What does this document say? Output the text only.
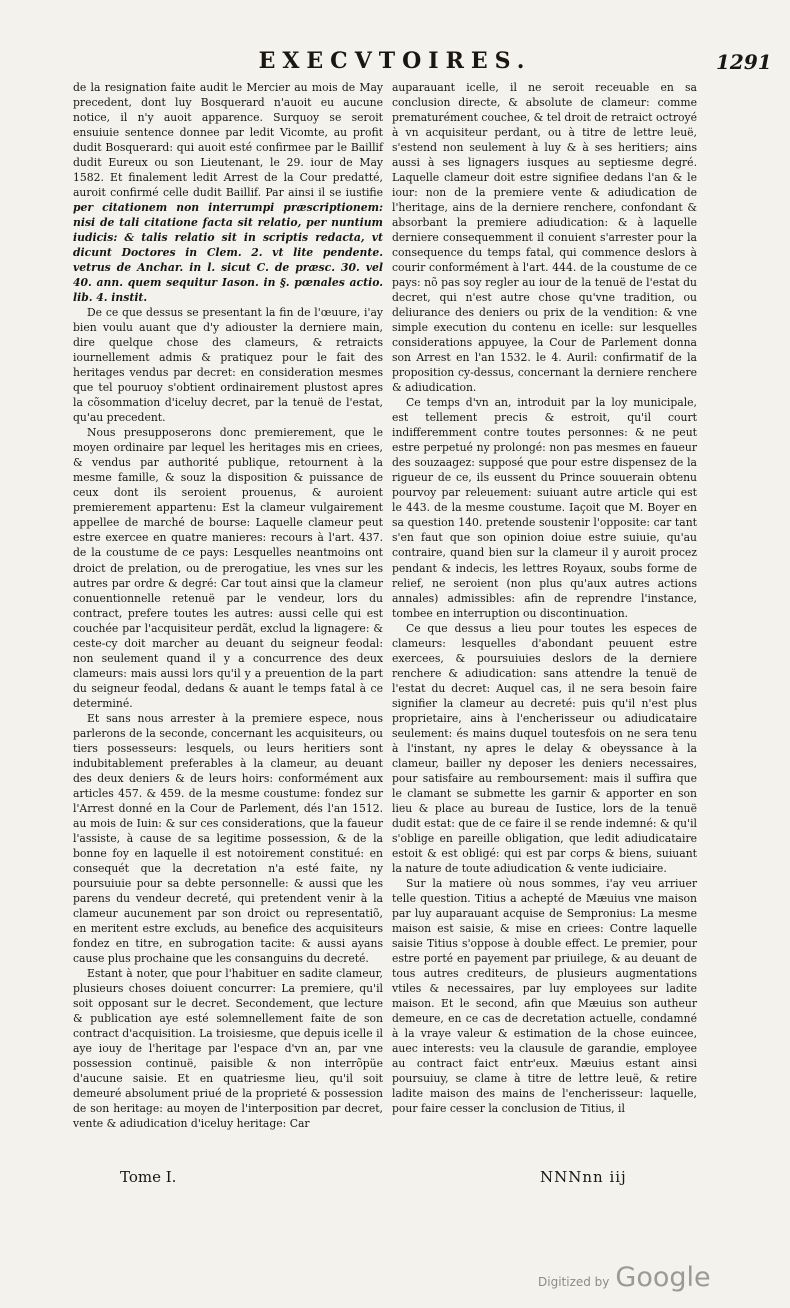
EXECVTOIRES.	1291

de la resignation faite audit le Mercier au mois de May precedent, dont luy Bosquerard n'auoit eu aucune notice, il n'y auoit apparence. Surquoy se seroit ensuiuie sentence donnee par ledit Vicomte, au profit dudit Bosquerard: qui auoit esté confirmee par le Baillif dudit Eureux ou son Lieutenant, le 29. iour de May 1582. Et finalement ledit Arrest de la Cour predatté, auroit confirmé celle dudit Baillif. Par ainsi il se iustifie per citationem non interrumpi præscriptionem: nisi de tali citatione facta sit relatio, per nuntium iudicis: & talis relatio sit in scriptis redacta, vt dicunt Doctores in Clem. 2. vt lite pendente. vetrus de Anchar. in l. sicut C. de præsc. 30. vel 40. ann. quem sequitur Iason. in §. pœnales actio. lib. 4. instit.

De ce que dessus se presentant la fin de l'œuure, i'ay bien voulu auant que d'y adiouster la derniere main, dire quelque chose des clameurs, & retraicts iournellement admis & pratiquez pour le fait des heritages vendus par decret: en consideration mesmes que tel pouruoy s'obtient ordinairement plustost apres la cõsommation d'iceluy decret, par la tenuë de l'estat, qu'au precedent.

Nous presupposerons donc premierement, que le moyen ordinaire par lequel les heritages mis en criees, & vendus par authorité publique, retournent à la mesme famille, & souz la disposition & puissance de ceux dont ils seroient prouenus, & auroient premierement appartenu: Est la clameur vulgairement appellee de marché de bourse: Laquelle clameur peut estre exercee en quatre manieres: recours à l'art. 437. de la coustume de ce pays: Lesquelles neantmoins ont droict de prelation, ou de prerogatiue, les vnes sur les autres par ordre & degré: Car tout ainsi que la clameur conuentionnelle retenuë par le vendeur, lors du contract, prefere toutes les autres: aussi celle qui est couchée par l'acquisiteur perdãt, exclud la lignagere: & ceste-cy doit marcher au deuant du seigneur feodal: non seulement quand il y a concurrence des deux clameurs: mais aussi lors qu'il y a preuention de la part du seigneur feodal, dedans & auant le temps fatal à ce determiné.

Et sans nous arrester à la premiere espece, nous parlerons de la seconde, concernant les acquisiteurs, ou tiers possesseurs: lesquels, ou leurs heritiers sont indubitablement preferables à la clameur, au deuant des deux deniers & de leurs hoirs: conformément aux articles 457. & 459. de la mesme coustume: fondez sur l'Arrest donné en la Cour de Parlement, dés l'an 1512. au mois de Iuin: & sur ces considerations, que la faueur l'assiste, à cause de sa legitime possession, & de la bonne foy en laquelle il est notoirement constitué: en consequét que la decretation n'a esté faite, ny poursuiuie pour sa debte personnelle: & aussi que les parens du vendeur decreté, qui pretendent venir à la clameur aucunement par son droict ou representatiõ, en meritent estre excluds, au benefice des acquisiteurs fondez en titre, en subrogation tacite: & aussi ayans cause plus prochaine que les consanguins du decreté.

Estant à noter, que pour l'habituer en sadite clameur, plusieurs choses doiuent concurrer: La premiere, qu'il soit opposant sur le decret. Secondement, que lecture & publication aye esté solemnellement faite de son contract d'acquisition. La troisiesme, que depuis icelle il aye iouy de l'heritage par l'espace d'vn an, par vne possession continuë, paisible & non interrõpüe d'aucune saisie. Et en quatriesme lieu, qu'il soit demeuré absolument priué de la proprieté & possession de son heritage: au moyen de l'interposition par decret, vente & adiudication d'iceluy heritage: Car

auparauant icelle, il ne seroit receuable en sa conclusion directe, & absolute de clameur: comme prematurément couchee, & tel droit de retraict octroyé à vn acquisiteur perdant, ou à titre de lettre leuë, s'estend non seulement à luy & à ses heritiers; ains aussi à ses lignagers iusques au septiesme degré. Laquelle clameur doit estre signifiee dedans l'an & le iour: non de la premiere vente & adiudication de l'heritage, ains de la derniere renchere, confondant & absorbant la premiere adiudication: & à laquelle derniere consequemment il conuient s'arrester pour la consequence du temps fatal, qui commence deslors à courir conformément à l'art. 444. de la coustume de ce pays: nõ pas soy regler au iour de la tenuë de l'estat du decret, qui n'est autre chose qu'vne tradition, ou deliurance des deniers ou prix de la vendition: & vne simple execution du contenu en icelle: sur lesquelles considerations appuyee, la Cour de Parlement donna son Arrest en l'an 1532. le 4. Auril: confirmatif de la proposition cy-dessus, concernant la derniere renchere & adiudication.

Ce temps d'vn an, introduit par la loy municipale, est tellement precis & estroit, qu'il court indifferemment contre toutes personnes: & ne peut estre perpetué ny prolongé: non pas mesmes en faueur des souzaagez: supposé que pour estre dispensez de la rigueur de ce, ils eussent du Prince souuerain obtenu pourvoy par releuement: suiuant autre article qui est le 443. de la mesme coustume. Iaçoit que M. Boyer en sa question 140. pretende soustenir l'opposite: car tant s'en faut que son opinion doiue estre suiuie, qu'au contraire, quand bien sur la clameur il y auroit procez pendant & indecis, les lettres Royaux, soubs forme de relief, ne seroient (non plus qu'aux autres actions annales) admissibles: afin de reprendre l'instance, tombee en interruption ou discontinuation.

Ce que dessus a lieu pour toutes les especes de clameurs: lesquelles d'abondant peuuent estre exercees, & poursuiuies deslors de la derniere renchere & adiudication: sans attendre la tenuë de l'estat du decret: Auquel cas, il ne sera besoin faire signifier la clameur au decreté: puis qu'il n'est plus proprietaire, ains à l'encherisseur ou adiudicataire seulement: és mains duquel toutesfois on ne sera tenu à l'instant, ny apres le delay & obeyssance à la clameur, bailler ny deposer les deniers necessaires, pour satisfaire au remboursement: mais il suffira que le clamant se submette les garnir & apporter en son lieu & place au bureau de Iustice, lors de la tenuë dudit estat: que de ce faire il se rende indemné: & qu'il s'oblige en pareille obligation, que ledit adiudicataire estoit & est obligé: qui est par corps & biens, suiuant la nature de toute adiudication & vente iudiciaire.

Sur la matiere où nous sommes, i'ay veu arriuer telle question. Titius a achepté de Mæuius vne maison par luy auparauant acquise de Sempronius: La mesme maison est saisie, & mise en criees: Contre laquelle saisie Titius s'oppose à double effect. Le premier, pour estre porté en payement par priuilege, & au deuant de tous autres crediteurs, de plusieurs augmentations vtiles & necessaires, par luy employees sur ladite maison. Et le second, afin que Mæuius son autheur demeure, en ce cas de decretation actuelle, condamné à la vraye valeur & estimation de la chose euincee, auec interests: veu la clausule de garandie, employee au contract faict entr'eux. Mæuius estant ainsi poursuiuy, se clame à titre de lettre leuë, & retire ladite maison des mains de l'encherisseur: laquelle, pour faire cesser la conclusion de Titius, il

Tome I.	NNNnn iij
Digitized by Google
